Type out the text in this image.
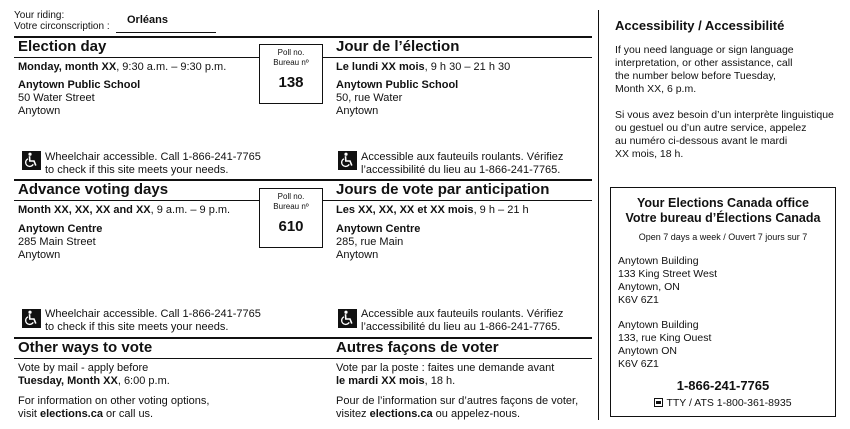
Your riding:
Votre circonscription :
Orléans
Election day	Jour de l’élection
Monday, month XX, 9:30 a.m. – 9:30 p.m.
Anytown Public School
50 Water Street
Anytown
Le lundi XX mois, 9 h 30 – 21 h 30
Anytown Public School
50, rue Water
Anytown
Poll no.
Bureau nº
138
Wheelchair accessible. Call 1-866-241-7765
to check if this site meets your needs.
Accessible aux fauteuils roulants. Vérifiez
l’accessibilité du lieu au 1-866-241-7765.
Advance voting days	Jours de vote par anticipation
Month XX, XX, XX and XX, 9 a.m. – 9 p.m.
Anytown Centre
285 Main Street
Anytown
Les XX, XX, XX et XX mois, 9 h – 21 h
Anytown Centre
285, rue Main
Anytown
Poll no.
Bureau nº
610
Wheelchair accessible. Call 1-866-241-7765
to check if this site meets your needs.
Accessible aux fauteuils roulants. Vérifiez
l’accessibilité du lieu au 1-866-241-7765.
Other ways to vote	Autres façons de voter
Vote by mail - apply before
Tuesday, Month XX, 6:00 p.m.
For information on other voting options,
visit elections.ca or call us.
Vote par la poste : faites une demande avant
le mardi XX mois, 18 h.
Pour de l’information sur d’autres façons de voter,
visitez elections.ca ou appelez-nous.
Accessibility / Accessibilité
If you need language or sign language
interpretation, or other assistance, call
the number below before Tuesday,
Month XX, 6 p.m.
Si vous avez besoin d’un interprète linguistique
ou gestuel ou d’un autre service, appelez
au numéro ci-dessous avant le mardi
XX mois, 18 h.
Your Elections Canada office
Votre bureau d’Élections Canada
Open 7 days a week / Ouvert 7 jours sur 7
Anytown Building
133 King Street West
Anytown, ON
K6V 6Z1
Anytown Building
133, rue King Ouest
Anytown ON
K6V 6Z1
1-866-241-7765
TTY / ATS 1-800-361-8935
